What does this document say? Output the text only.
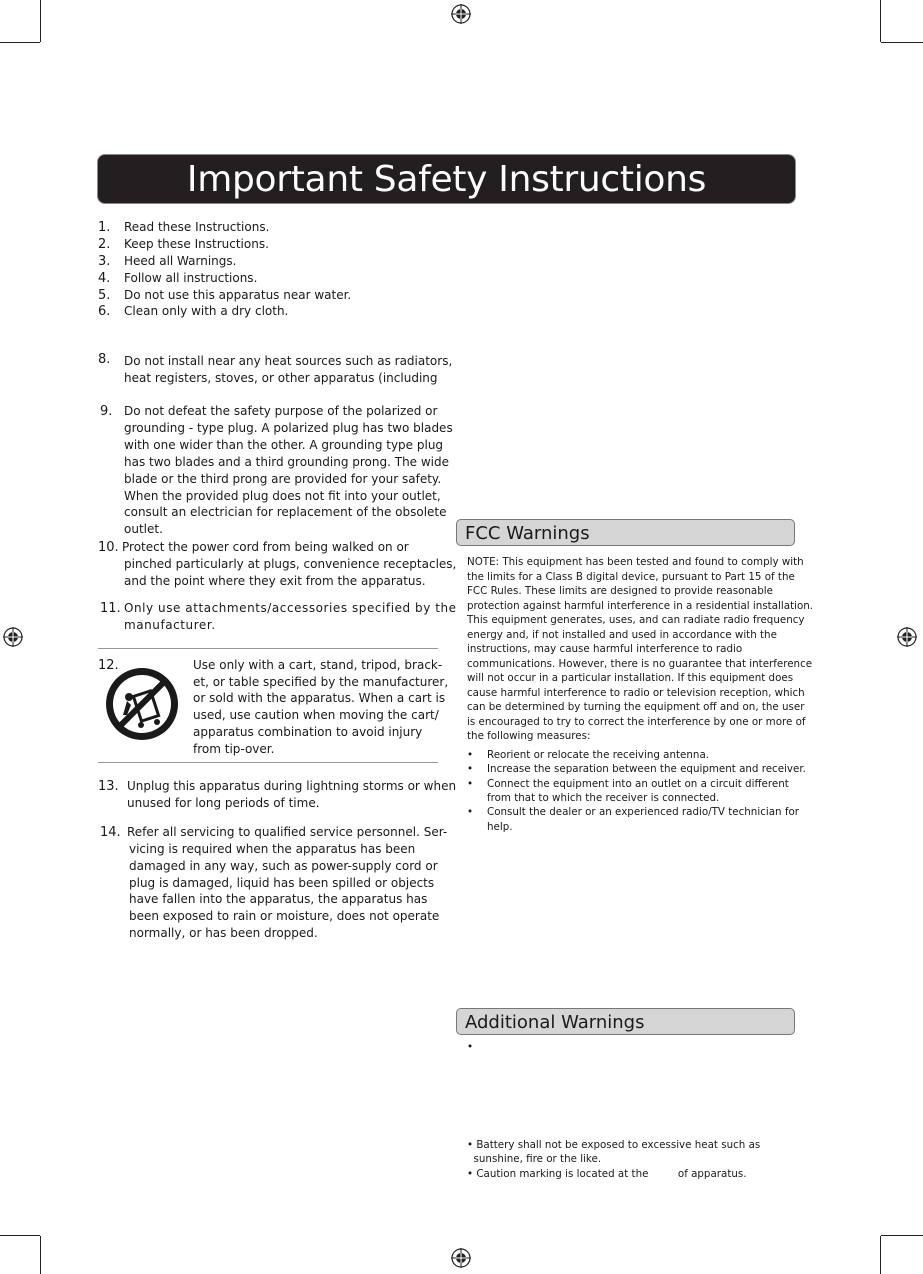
Important Safety Instructions
1. Read these Instructions.
2. Keep these Instructions.
3. Heed all Warnings.
4. Follow all instructions.
5. Do not use this apparatus near water.
6. Clean only with a dry cloth.
8. Do not install near any heat sources such as radiators,
heat registers, stoves, or other apparatus (including
9. Do not defeat the safety purpose of the polarized or
grounding - type plug. A polarized plug has two blades
with one wider than the other. A grounding type plug
has two blades and a third grounding prong. The wide
blade or the third prong are provided for your safety.
When the provided plug does not fit into your outlet,
consult an electrician for replacement of the obsolete
outlet.
10. Protect the power cord from being walked on or
pinched particularly at plugs, convenience receptacles,
and the point where they exit from the apparatus.
11. Only use attachments/accessories specified by the
manufacturer.
12.	Use only with a cart, stand, tripod, brack-
et, or table specified by the manufacturer,
or sold with the apparatus. When a cart is
used, use caution when moving the cart/
apparatus combination to avoid injury
from tip-over.
13. Unplug this apparatus during lightning storms or when
unused for long periods of time.
14. Refer all servicing to qualified service personnel. Ser-
vicing is required when the apparatus has been
damaged in any way, such as power-supply cord or
plug is damaged, liquid has been spilled or objects
have fallen into the apparatus, the apparatus has
been exposed to rain or moisture, does not operate
normally, or has been dropped.
FCC Warnings
NOTE: This equipment has been tested and found to comply with
the limits for a Class B digital device, pursuant to Part 15 of the
FCC Rules. These limits are designed to provide reasonable
protection against harmful interference in a residential installation.
This equipment generates, uses, and can radiate radio frequency
energy and, if not installed and used in accordance with the
instructions, may cause harmful interference to radio
communications. However, there is no guarantee that interference
will not occur in a particular installation. If this equipment does
cause harmful interference to radio or television reception, which
can be determined by turning the equipment off and on, the user
is encouraged to try to correct the interference by one or more of
the following measures:
• Reorient or relocate the receiving antenna.
• Increase the separation between the equipment and receiver.
• Connect the equipment into an outlet on a circuit different
from that to which the receiver is connected.
• Consult the dealer or an experienced radio/TV technician for
help.
Additional Warnings
•
• Battery shall not be exposed to excessive heat such as
sunshine, fire or the like.
• Caution marking is located at the         of apparatus.
